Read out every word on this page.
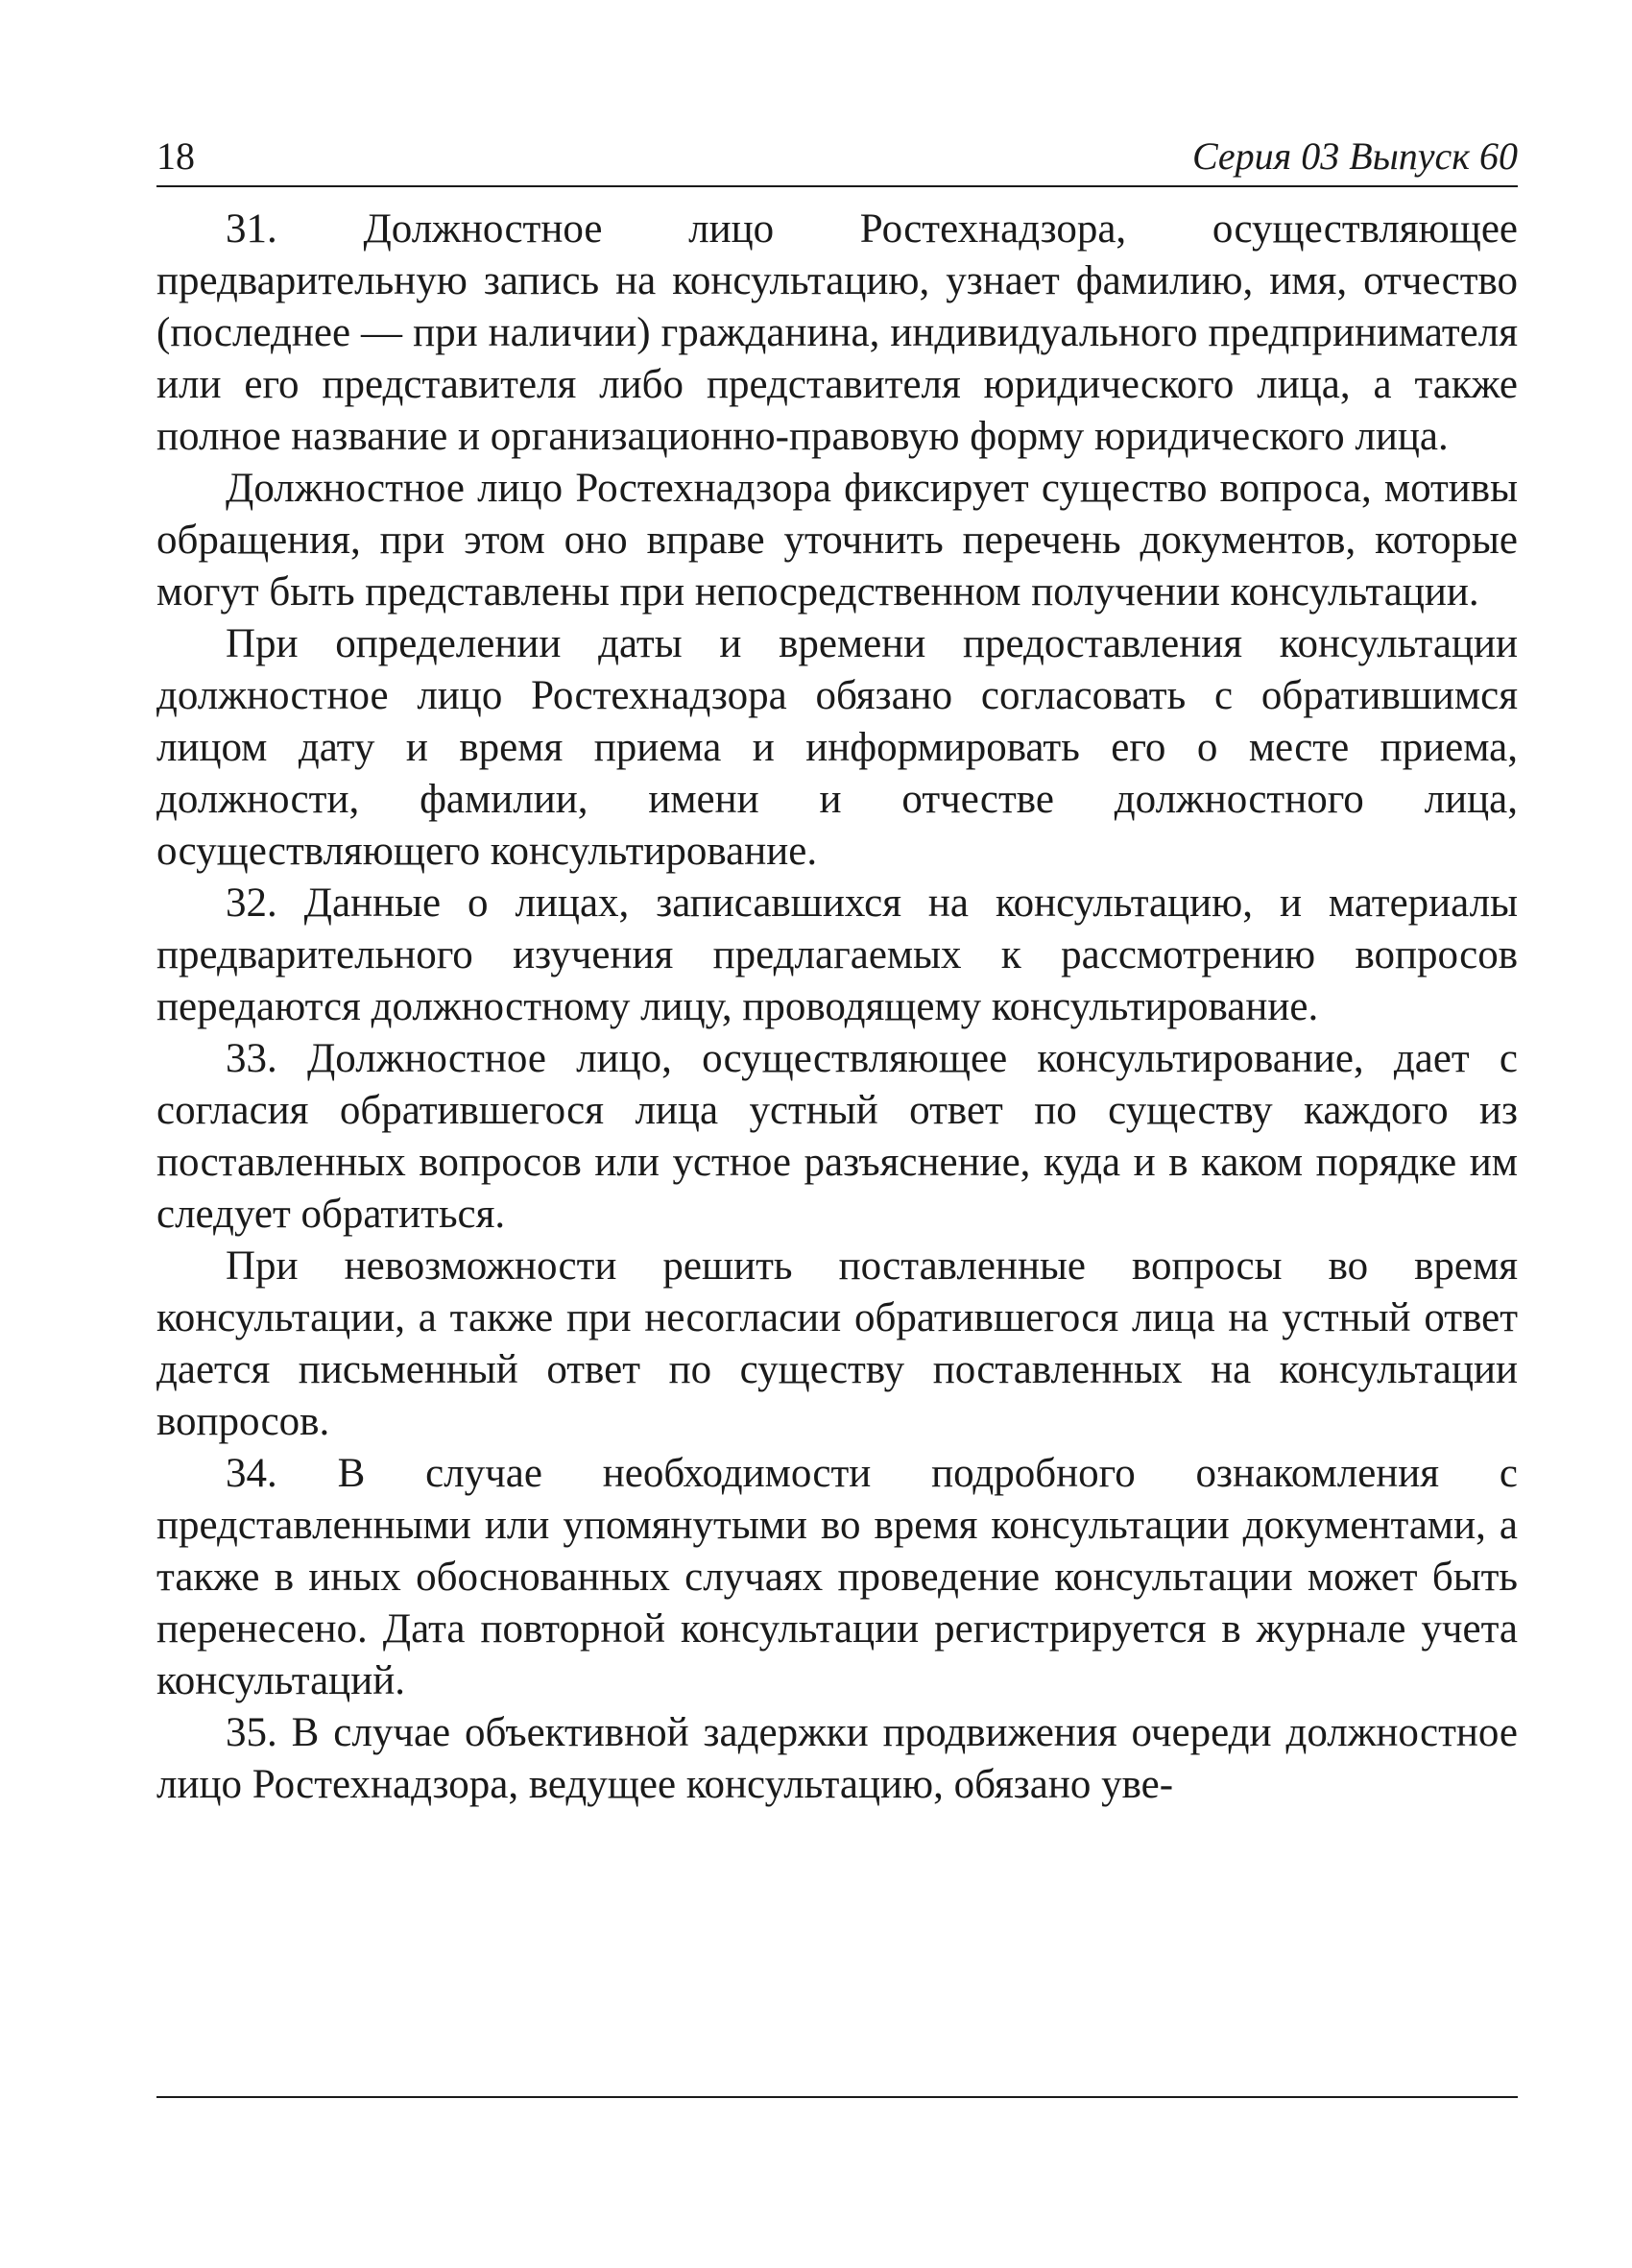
18	Серия 03 Выпуск 60

31. Должностное лицо Ростехнадзора, осуществляющее предварительную запись на консультацию, узнает фамилию, имя, отчество (последнее — при наличии) гражданина, индивидуального предпринимателя или его представителя либо представителя юридического лица, а также полное название и организационно-правовую форму юридического лица.

Должностное лицо Ростехнадзора фиксирует существо вопроса, мотивы обращения, при этом оно вправе уточнить перечень документов, которые могут быть представлены при непосредственном получении консультации.

При определении даты и времени предоставления консультации должностное лицо Ростехнадзора обязано согласовать с обратившимся лицом дату и время приема и информировать его о месте приема, должности, фамилии, имени и отчестве должностного лица, осуществляющего консультирование.

32. Данные о лицах, записавшихся на консультацию, и материалы предварительного изучения предлагаемых к рассмотрению вопросов передаются должностному лицу, проводящему консультирование.

33. Должностное лицо, осуществляющее консультирование, дает с согласия обратившегося лица устный ответ по существу каждого из поставленных вопросов или устное разъяснение, куда и в каком порядке им следует обратиться.

При невозможности решить поставленные вопросы во время консультации, а также при несогласии обратившегося лица на устный ответ дается письменный ответ по существу поставленных на консультации вопросов.

34. В случае необходимости подробного ознакомления с представленными или упомянутыми во время консультации документами, а также в иных обоснованных случаях проведение консультации может быть перенесено. Дата повторной консультации регистрируется в журнале учета консультаций.

35. В случае объективной задержки продвижения очереди должностное лицо Ростехнадзора, ведущее консультацию, обязано уве-
